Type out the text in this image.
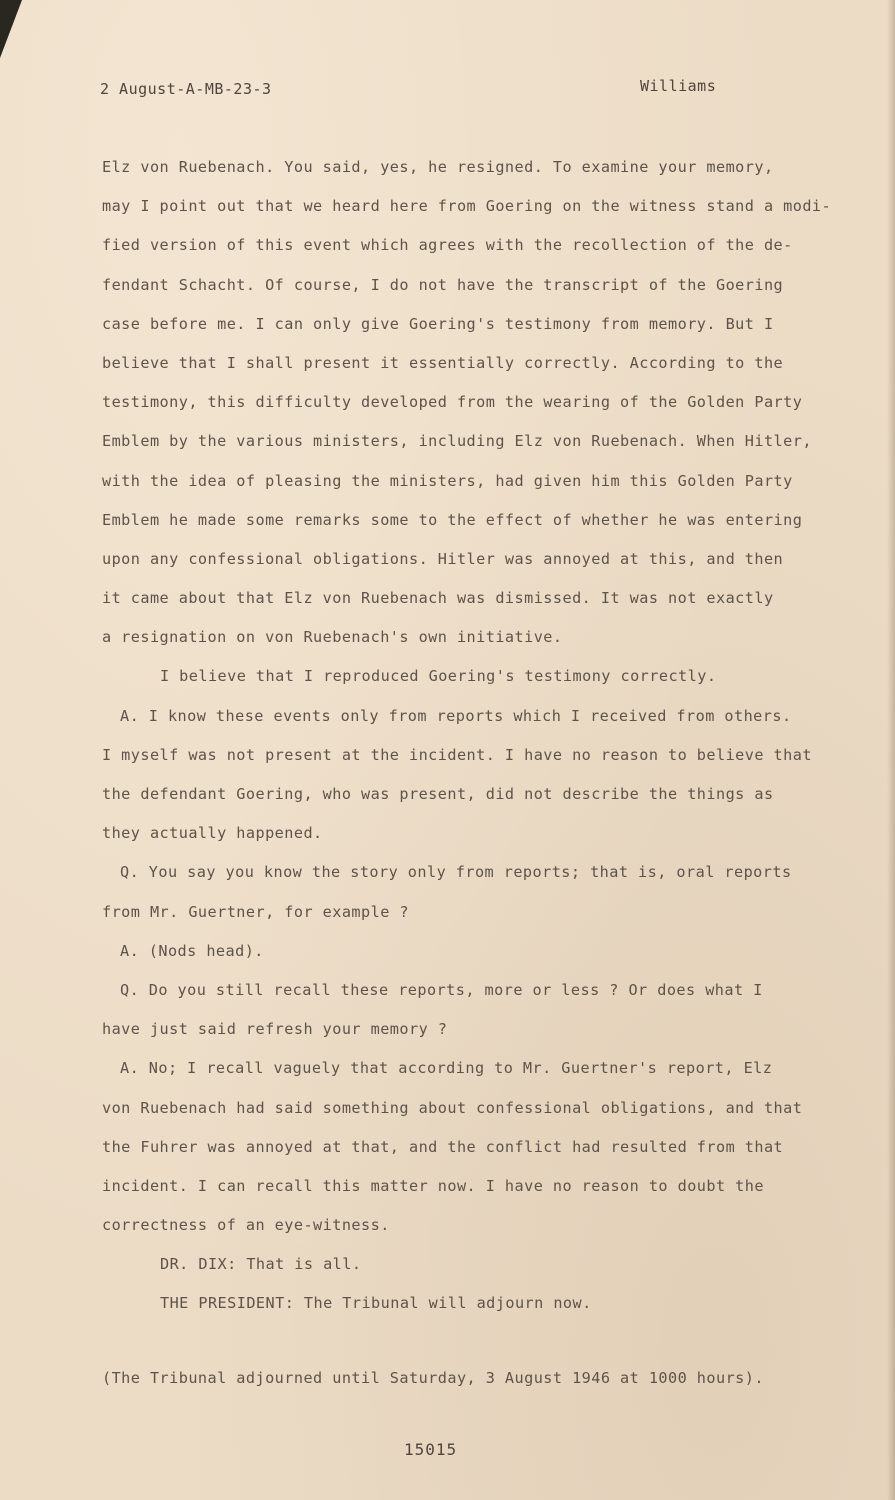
2 August-A-MB-23-3	Williams
Elz von Ruebenach. You said, yes, he resigned. To examine your memory,
may I point out that we heard here from Goering on the witness stand a modi-
fied version of this event which agrees with the recollection of the de-
fendant Schacht. Of course, I do not have the transcript of the Goering
case before me. I can only give Goering's testimony from memory. But I
believe that I shall present it essentially correctly. According to the
testimony, this difficulty developed from the wearing of the Golden Party
Emblem by the various ministers, including Elz von Ruebenach. When Hitler,
with the idea of pleasing the ministers, had given him this Golden Party
Emblem he made some remarks some to the effect of whether he was entering
upon any confessional obligations. Hitler was annoyed at this, and then
it came about that Elz von Ruebenach was dismissed. It was not exactly
a resignation on von Ruebenach's own initiative.
I believe that I reproduced Goering's testimony correctly.
A. I know these events only from reports which I received from others.
I myself was not present at the incident. I have no reason to believe that
the defendant Goering, who was present, did not describe the things as
they actually happened.
Q. You say you know the story only from reports; that is, oral reports
from Mr. Guertner, for example ?
A. (Nods head).
Q. Do you still recall these reports, more or less ? Or does what I
have just said refresh your memory ?
A. No; I recall vaguely that according to Mr. Guertner's report, Elz
von Ruebenach had said something about confessional obligations, and that
the Fuhrer was annoyed at that, and the conflict had resulted from that
incident. I can recall this matter now. I have no reason to doubt the
correctness of an eye-witness.
DR. DIX: That is all.
THE PRESIDENT: The Tribunal will adjourn now.
(The Tribunal adjourned until Saturday, 3 August 1946 at 1000 hours).
15015
